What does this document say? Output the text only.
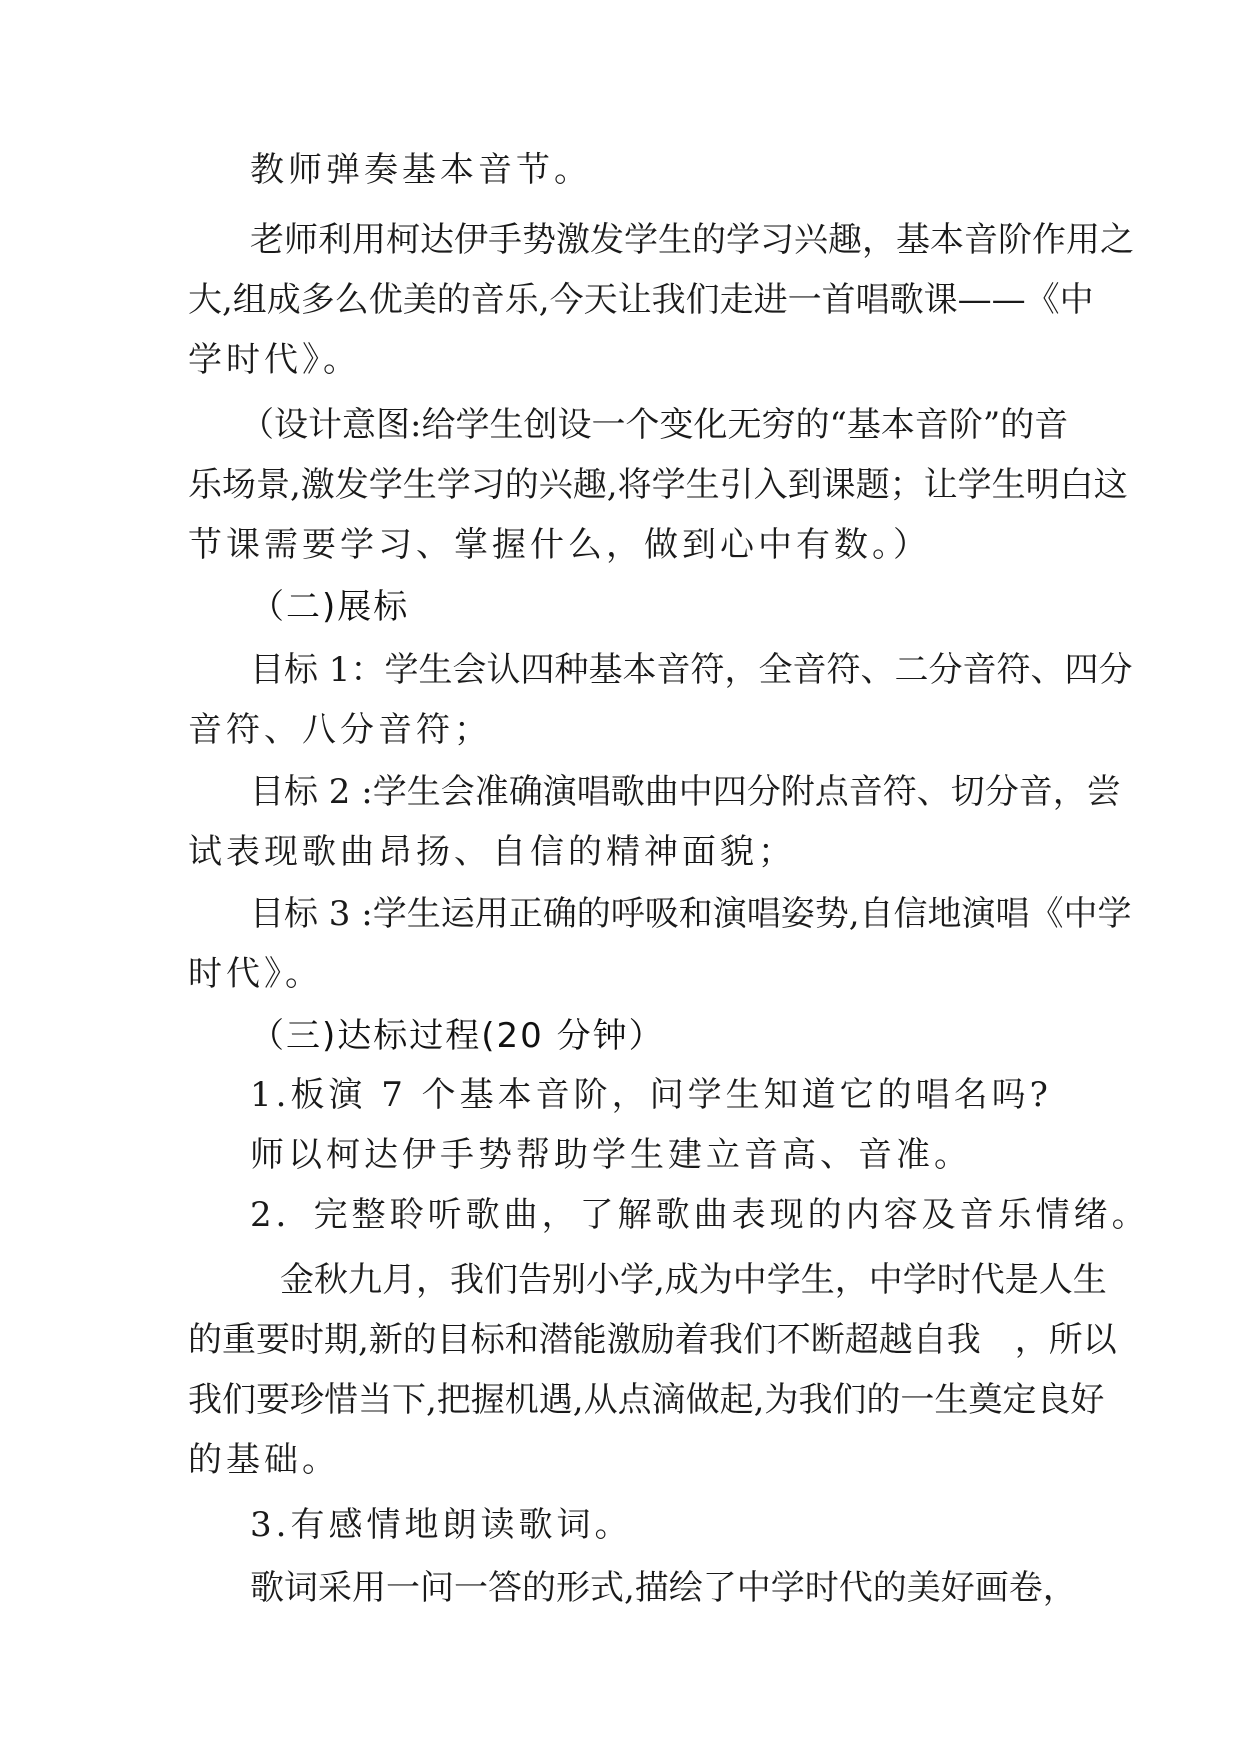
教师弹奏基本音节。
老师利用柯达伊手势激发学生的学习兴趣，基本音阶作用之
大,组成多么优美的音乐,今天让我们走进一首唱歌课——《中
学时代》。
（设计意图:给学生创设一个变化无穷的“基本音阶”的音
乐场景,激发学生学习的兴趣,将学生引入到课题；让学生明白这
节课需要学习、掌握什么，做到心中有数。）
（二)展标
目标 1：学生会认四种基本音符，全音符、二分音符、四分
音符、八分音符；
目标 2 :学生会准确演唱歌曲中四分附点音符、切分音，尝
试表现歌曲昂扬、自信的精神面貌；
目标 3 :学生运用正确的呼吸和演唱姿势,自信地演唱《中学
时代》。
（三)达标过程(20 分钟）
1.板演 7 个基本音阶，问学生知道它的唱名吗?
师以柯达伊手势帮助学生建立音高、音准。
2．完整聆听歌曲，了解歌曲表现的内容及音乐情绪。
金秋九月，我们告别小学,成为中学生，中学时代是人生
的重要时期,新的目标和潜能激励着我们不断超越自我　，所以
我们要珍惜当下,把握机遇,从点滴做起,为我们的一生奠定良好
的基础。
3.有感情地朗读歌词。
歌词采用一问一答的形式,描绘了中学时代的美好画卷，
